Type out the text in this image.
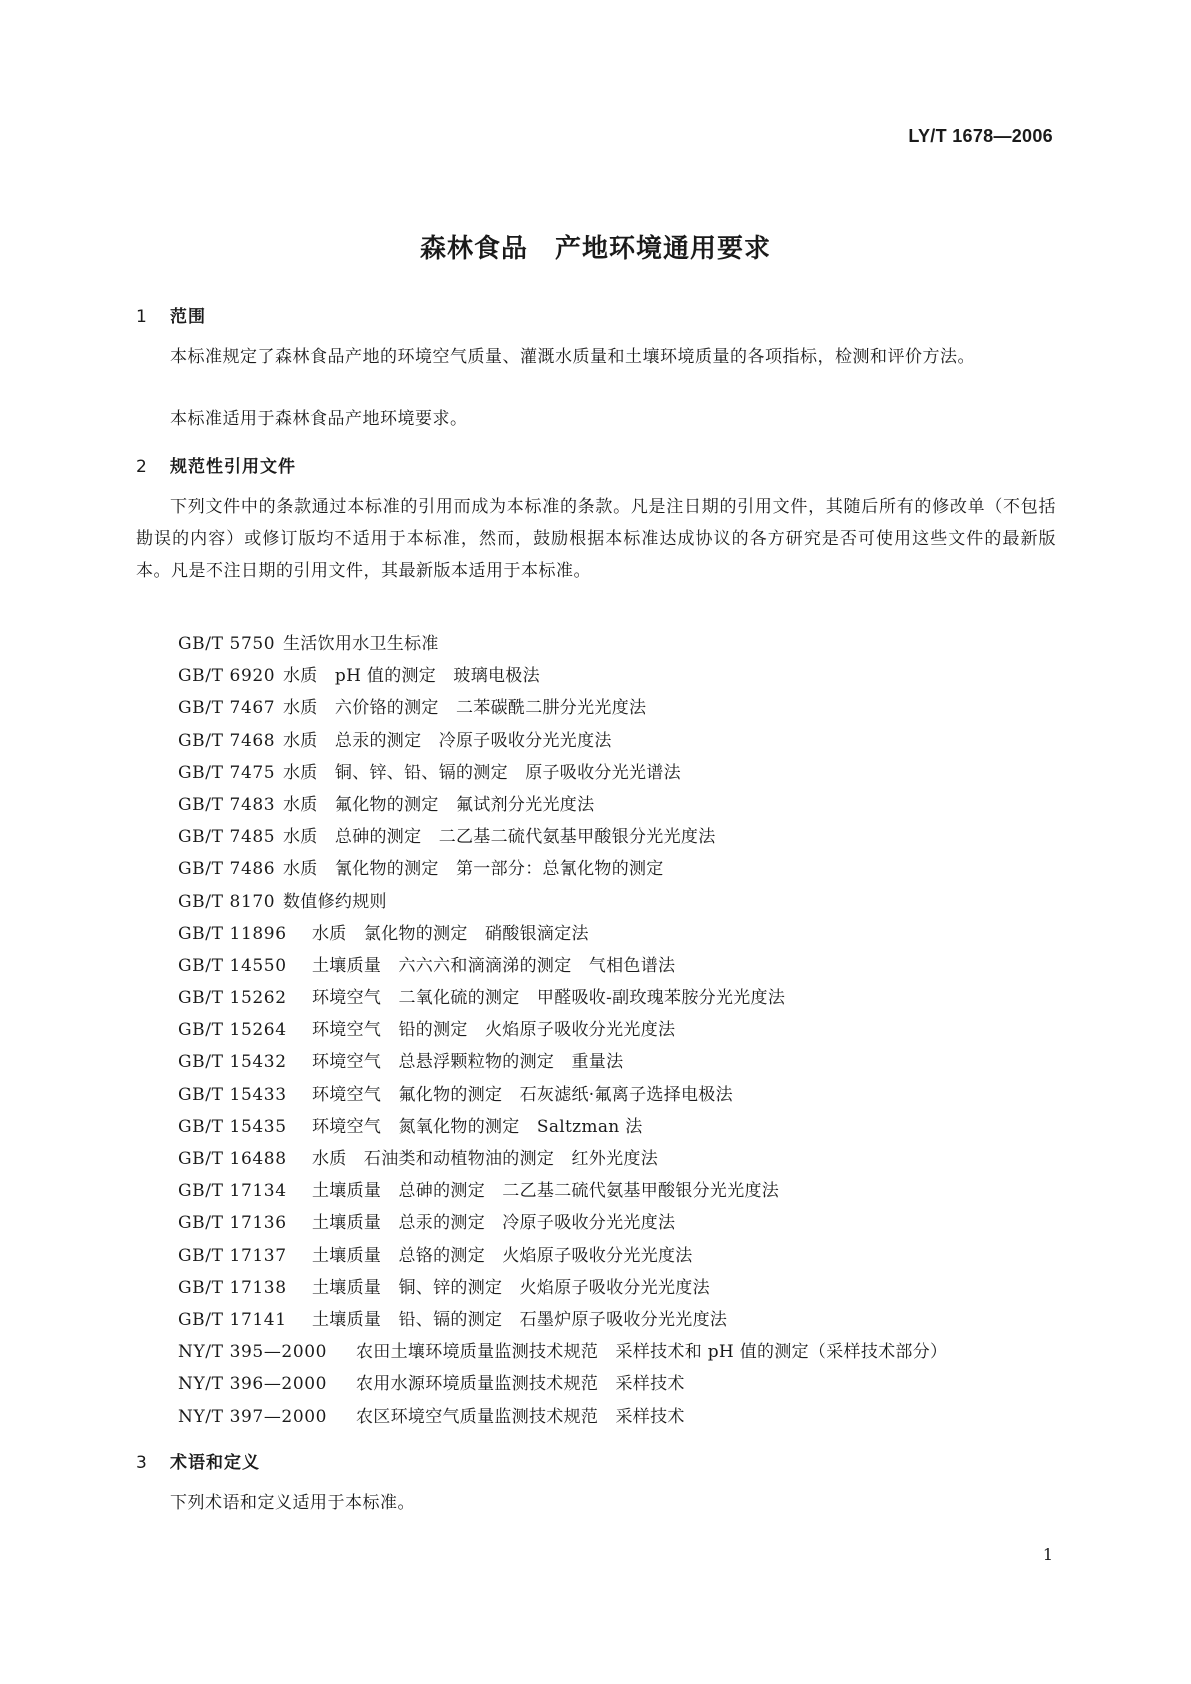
LY/T 1678—2006
森林食品　产地环境通用要求
1 范围
本标准规定了森林食品产地的环境空气质量、灌溉水质量和土壤环境质量的各项指标，检测和评价方法。
本标准适用于森林食品产地环境要求。
2 规范性引用文件
下列文件中的条款通过本标准的引用而成为本标准的条款。凡是注日期的引用文件，其随后所有的修改单（不包括勘误的内容）或修订版均不适用于本标准，然而，鼓励根据本标准达成协议的各方研究是否可使用这些文件的最新版本。凡是不注日期的引用文件，其最新版本适用于本标准。
GB/T 5750 生活饮用水卫生标准
GB/T 6920 水质　pH 值的测定　玻璃电极法
GB/T 7467 水质　六价铬的测定　二苯碳酰二肼分光光度法
GB/T 7468 水质　总汞的测定　冷原子吸收分光光度法
GB/T 7475 水质　铜、锌、铅、镉的测定　原子吸收分光光谱法
GB/T 7483 水质　氟化物的测定　氟试剂分光光度法
GB/T 7485 水质　总砷的测定　二乙基二硫代氨基甲酸银分光光度法
GB/T 7486 水质　氰化物的测定　第一部分：总氰化物的测定
GB/T 8170 数值修约规则
GB/T 11896 水质　氯化物的测定　硝酸银滴定法
GB/T 14550 土壤质量　六六六和滴滴涕的测定　气相色谱法
GB/T 15262 环境空气　二氧化硫的测定　甲醛吸收-副玫瑰苯胺分光光度法
GB/T 15264 环境空气　铅的测定　火焰原子吸收分光光度法
GB/T 15432 环境空气　总悬浮颗粒物的测定　重量法
GB/T 15433 环境空气　氟化物的测定　石灰滤纸·氟离子选择电极法
GB/T 15435 环境空气　氮氧化物的测定　Saltzman 法
GB/T 16488 水质　石油类和动植物油的测定　红外光度法
GB/T 17134 土壤质量　总砷的测定　二乙基二硫代氨基甲酸银分光光度法
GB/T 17136 土壤质量　总汞的测定　冷原子吸收分光光度法
GB/T 17137 土壤质量　总铬的测定　火焰原子吸收分光光度法
GB/T 17138 土壤质量　铜、锌的测定　火焰原子吸收分光光度法
GB/T 17141 土壤质量　铅、镉的测定　石墨炉原子吸收分光光度法
NY/T 395—2000 农田土壤环境质量监测技术规范　采样技术和 pH 值的测定（采样技术部分）
NY/T 396—2000 农用水源环境质量监测技术规范　采样技术
NY/T 397—2000 农区环境空气质量监测技术规范　采样技术
3 术语和定义
下列术语和定义适用于本标准。
1
